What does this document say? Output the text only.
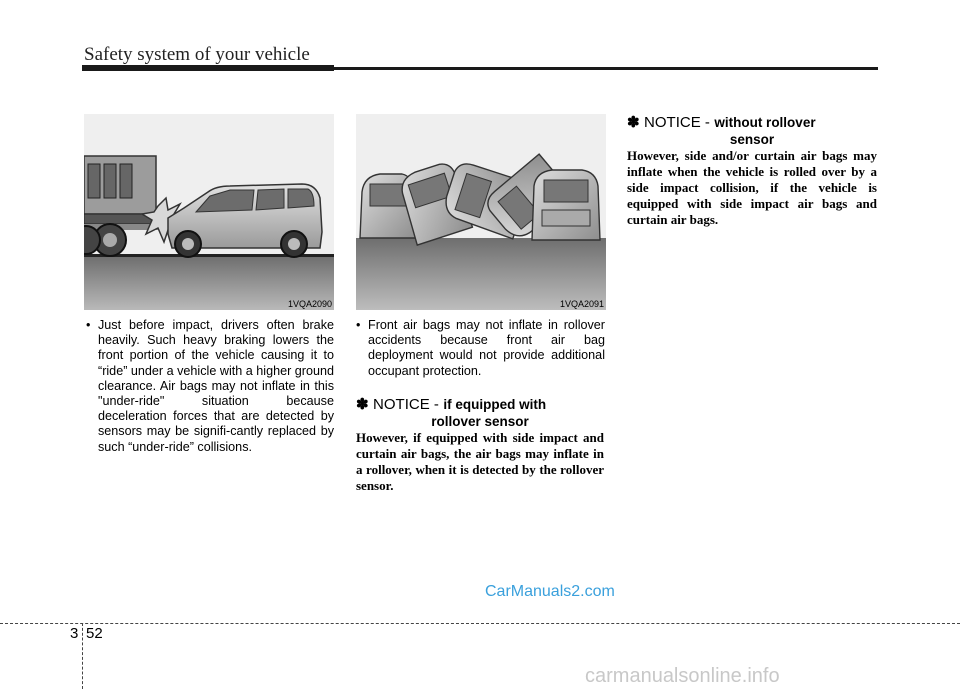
Safety system of your vehicle
1VQA2090	1VQA2091
• Just before impact, drivers often brake heavily. Such heavy braking lowers the front portion of the vehicle causing it to “ride” under a vehicle with a higher ground clearance. Air bags may not inflate in this "under-ride" situation because deceleration forces that are detected by sensors may be signifi-cantly replaced by such “under-ride” collisions.
• Front air bags may not inflate in rollover accidents because front air bag deployment would not provide additional occupant protection.
✽ NOTICE - if equipped with
rollover sensor
However, if equipped with side impact and curtain air bags, the air bags may inflate in a rollover, when it is detected by the rollover sensor.
✽ NOTICE - without rollover
sensor
However, side and/or curtain air bags may inflate when the vehicle is rolled over by a side impact collision, if the vehicle is equipped with side impact air bags and curtain air bags.
3 52
CarManuals2.com
carmanualsonline.info
